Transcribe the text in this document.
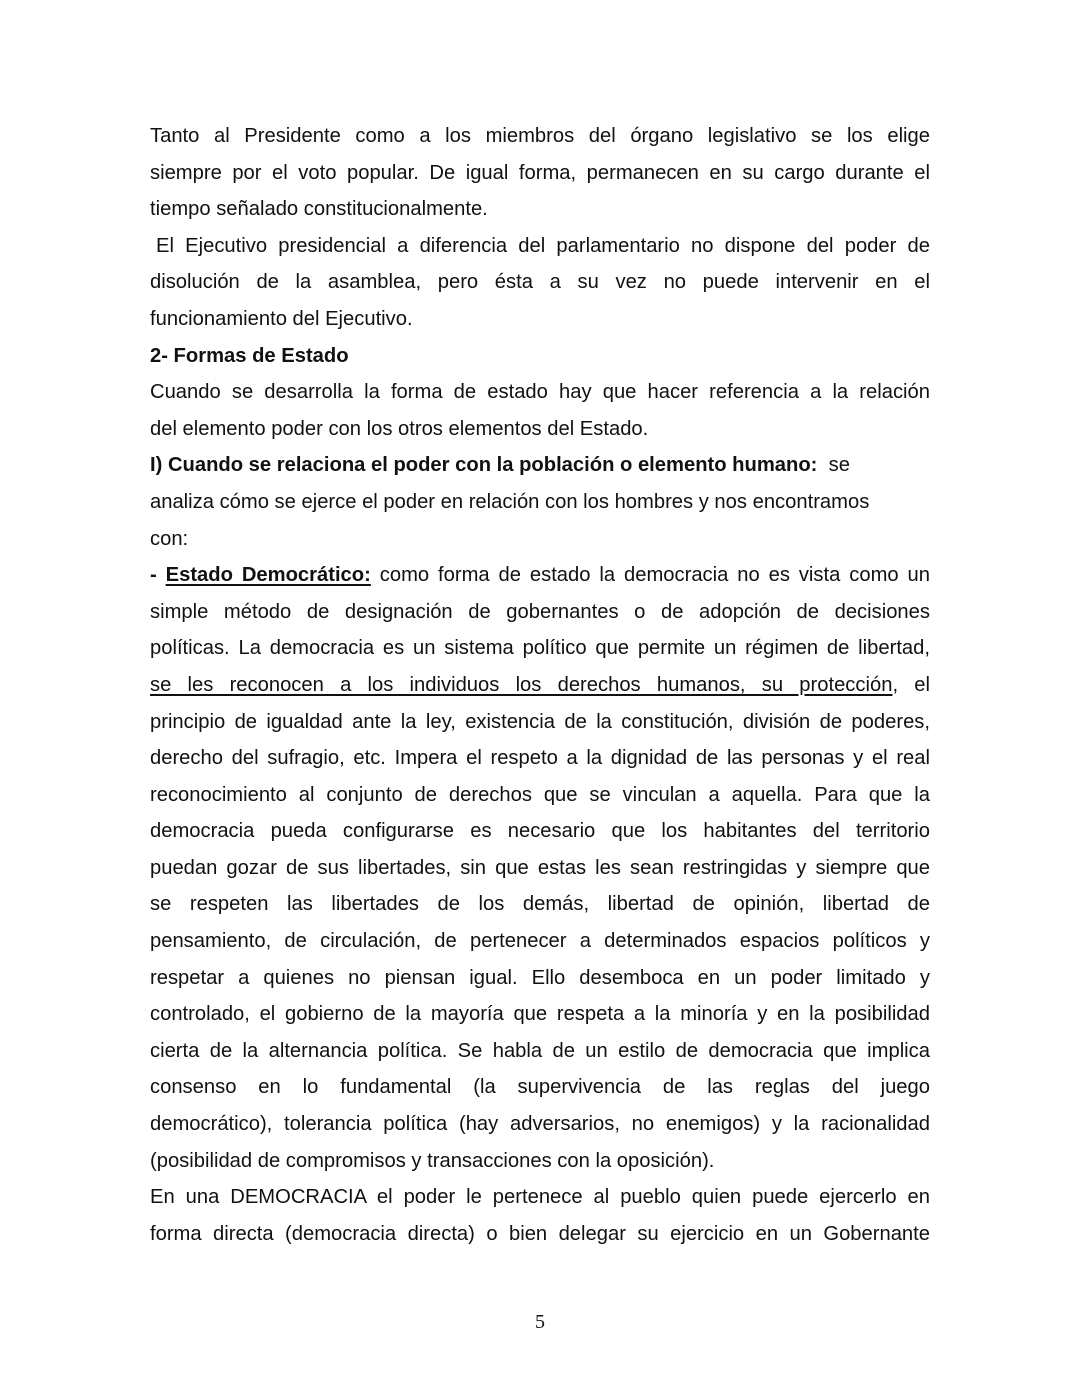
Tanto al Presidente como a los miembros del órgano legislativo se los elige

siempre por el voto popular. De igual forma, permanecen en su cargo durante el

tiempo señalado constitucionalmente.

El Ejecutivo presidencial a diferencia del parlamentario no dispone del poder de

disolución de la asamblea, pero ésta a su vez no puede intervenir en el

funcionamiento del Ejecutivo.

2- Formas de Estado

Cuando se desarrolla la forma de estado hay que hacer referencia a la relación

del elemento poder con los otros elementos del Estado.

I) Cuando se relaciona el poder con la población o elemento humano:  se

analiza cómo se ejerce el poder en relación con los hombres y nos encontramos

con:

- Estado Democrático: como forma de estado la democracia no es vista como un

simple método de designación de gobernantes o de adopción de decisiones

políticas. La democracia es un sistema político que permite un régimen de libertad,

se les reconocen a los individuos los derechos humanos, su protección, el

principio de igualdad ante la ley, existencia de la constitución, división de poderes,

derecho del sufragio, etc. Impera el respeto a la dignidad de las personas y el real

reconocimiento al conjunto de derechos que se vinculan a aquella. Para que la

democracia pueda configurarse es necesario que los habitantes del territorio

puedan gozar de sus libertades, sin que estas les sean restringidas y siempre que

se respeten las libertades de los demás, libertad de opinión, libertad de

pensamiento, de circulación, de pertenecer a determinados espacios políticos y

respetar a quienes no piensan igual. Ello desemboca en un poder limitado y

controlado, el gobierno de la mayoría que respeta a la minoría y en la posibilidad

cierta de la alternancia política. Se habla de un estilo de democracia que implica

consenso en lo fundamental (la supervivencia de las reglas del juego

democrático), tolerancia política (hay adversarios, no enemigos) y la racionalidad

(posibilidad de compromisos y transacciones con la oposición).

En una DEMOCRACIA el poder le pertenece al pueblo quien puede ejercerlo en

forma directa (democracia directa) o bien delegar su ejercicio en un Gobernante

5
